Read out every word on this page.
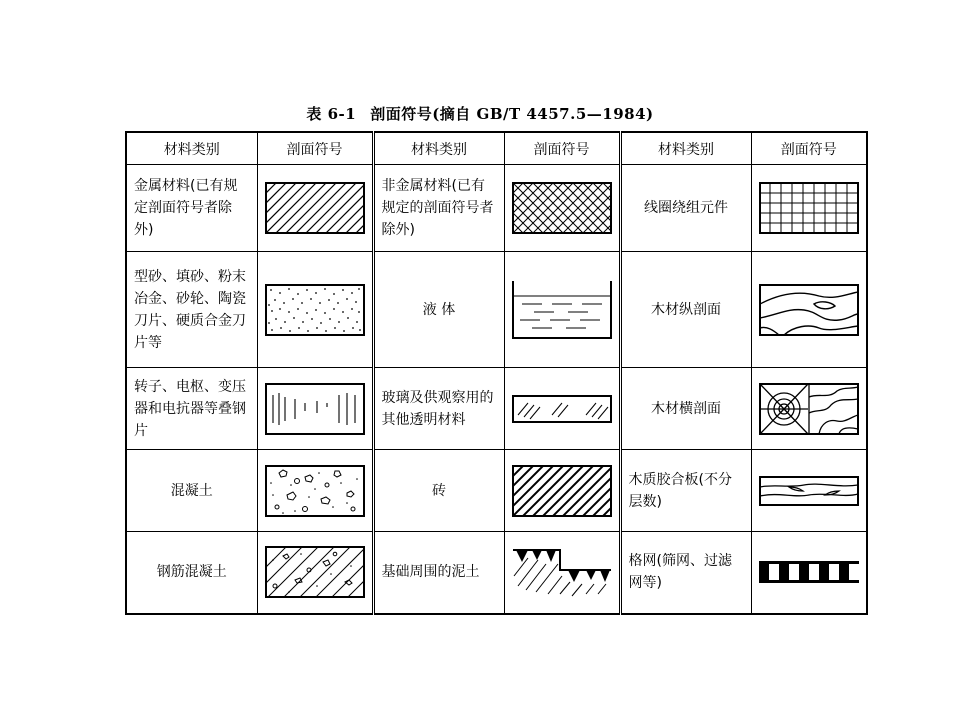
表 6-1 剖面符号(摘自 GB/T 4457.5—1984)
材料类别	剖面符号	材料类别	剖面符号	材料类别	剖面符号
金属材料(已有规定剖面符号者除外)		非金属材料(已有规定的剖面符号者除外)		线圈绕组元件	

型砂、填砂、粉末冶金、砂轮、陶瓷刀片、硬质合金刀片等		液 体		木材纵剖面	

转子、电枢、变压器和电抗器等叠钢片		玻璃及供观察用的其他透明材料		木材横剖面	

混凝土		砖		木质胶合板(不分层数)	

钢筋混凝土		基础周围的泥土		格网(筛网、过滤网等)	
